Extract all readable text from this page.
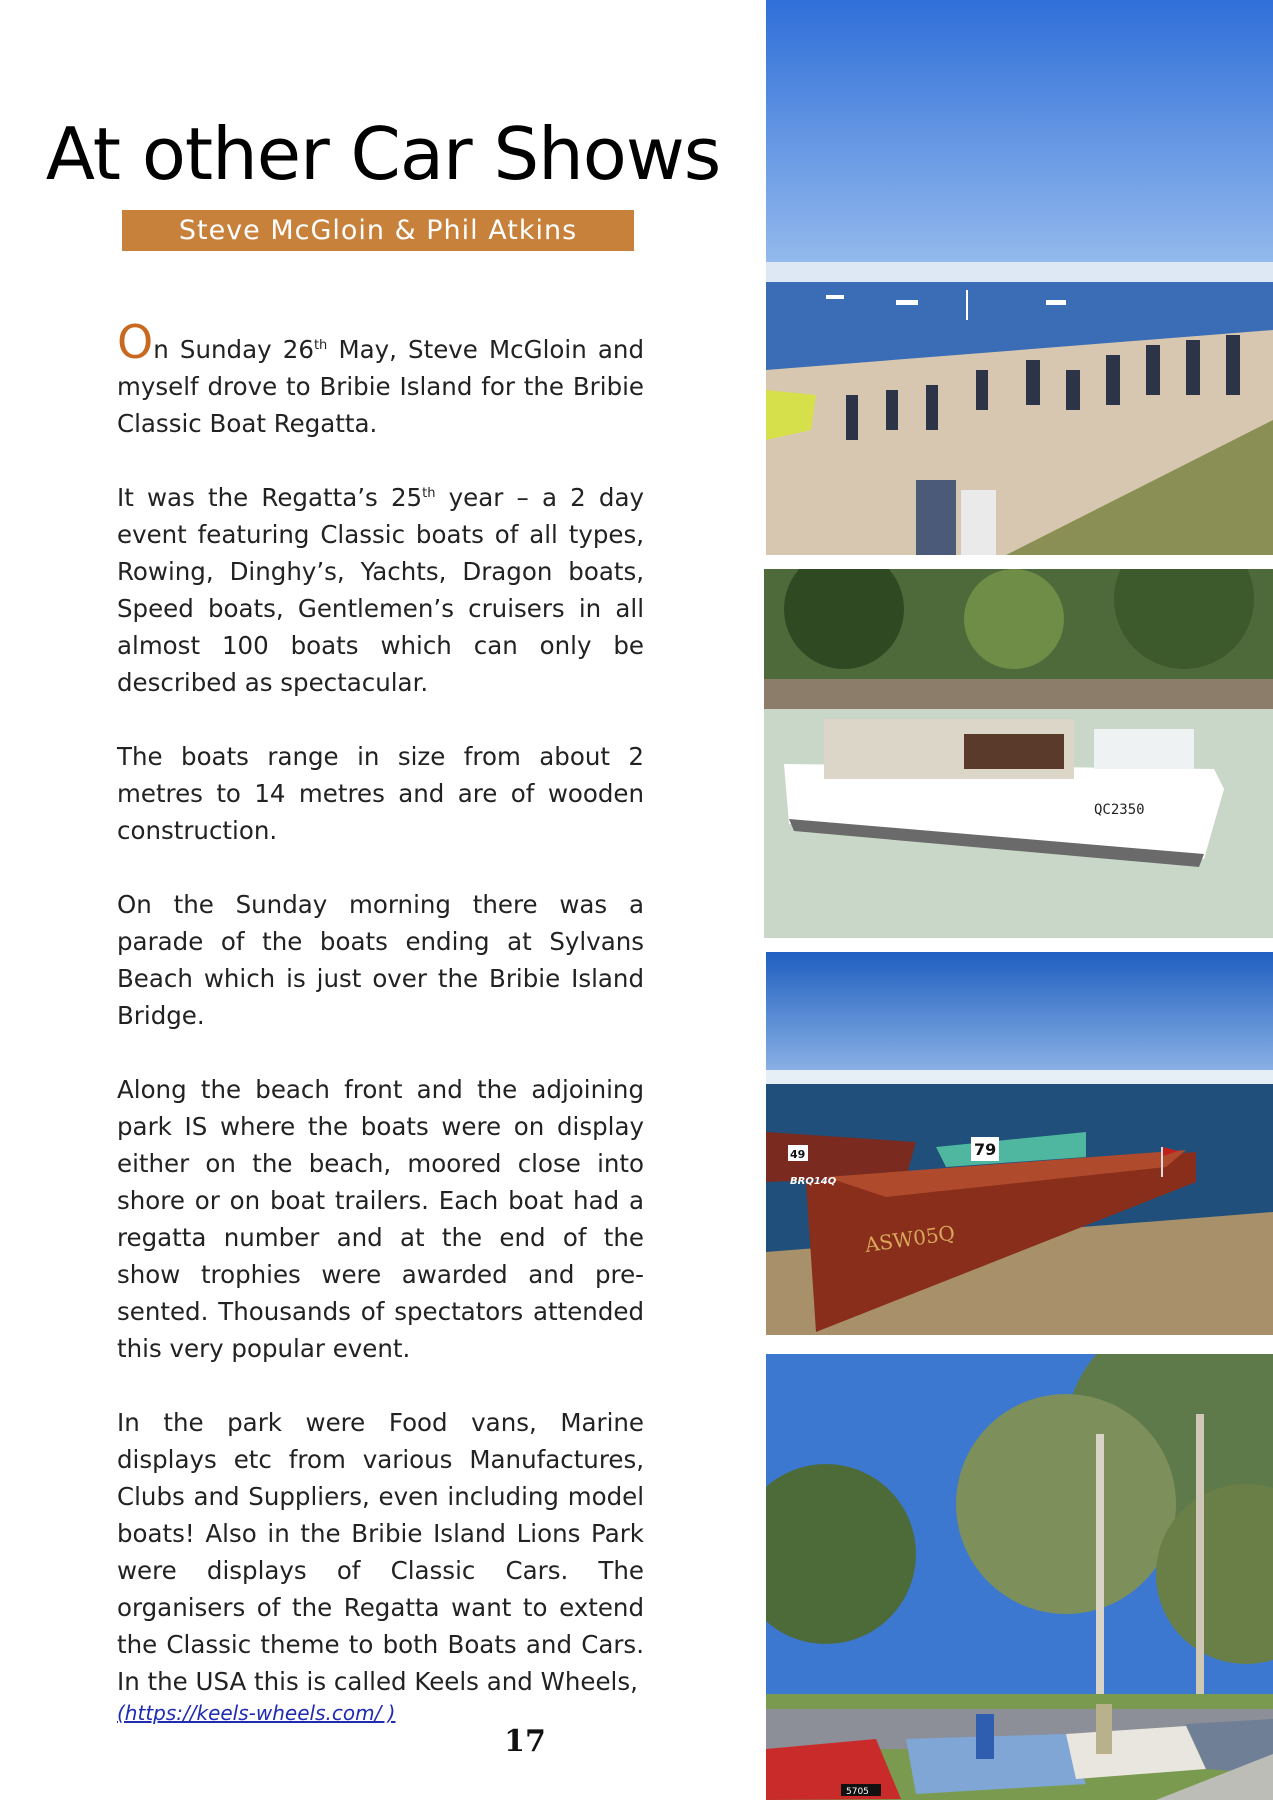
At other Car Shows
Steve McGloin & Phil Atkins

On Sunday 26th May, Steve McGloin and myself drove to Bribie Island for the Bribie Classic Boat Regatta.

It was the Regatta’s 25th year – a 2 day event featuring Classic boats of all types, Rowing, Dinghy’s, Yachts, Dragon boats, Speed boats, Gentlemen’s cruisers in all almost 100 boats which can only be described as spectacular.

The boats range in size from about 2 metres to 14 metres and are of wooden construction.

On the Sunday morning there was a parade of the boats ending at Sylvans Beach which is just over the Bribie Island Bridge.

Along the beach front and the adjoining park IS where the boats were on display either on the beach, moored close into shore or on boat trailers. Each boat had a regatta number and at the end of the show trophies were awarded and pre-sented. Thousands of spectators attended this very popular event.

In the park were Food vans, Marine displays etc from various Manufactures, Clubs and Suppliers, even including model boats! Also in the Bribie Island Lions Park were displays of Classic Cars. The organisers of the Regatta want to extend the Classic theme to both Boats and Cars. In the USA this is called Keels and Wheels,

(https://keels-wheels.com/ )
17
QC2350
79
49
BRQ14Q
ASW05Q
5705
